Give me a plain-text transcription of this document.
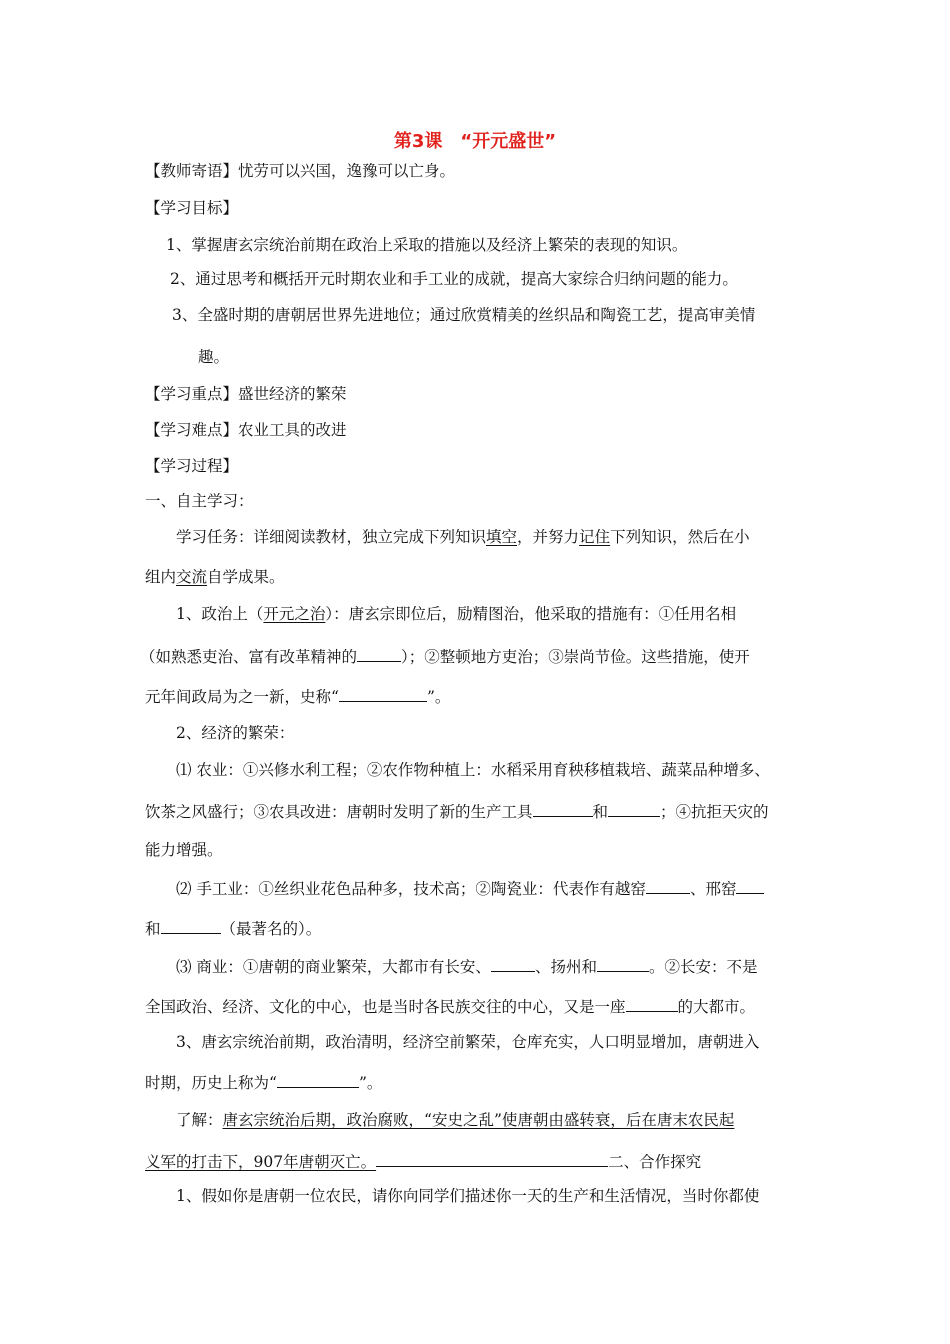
第3课　“开元盛世”
【教师寄语】忧劳可以兴国，逸豫可以亡身。
【学习目标】
1、掌握唐玄宗统治前期在政治上采取的措施以及经济上繁荣的表现的知识。
2、通过思考和概括开元时期农业和手工业的成就，提高大家综合归纳问题的能力。
3、全盛时期的唐朝居世界先进地位；通过欣赏精美的丝织品和陶瓷工艺，提高审美情
趣。
【学习重点】盛世经济的繁荣
【学习难点】农业工具的改进
【学习过程】
一、自主学习：
学习任务：详细阅读教材，独立完成下列知识填空，并努力记住下列知识，然后在小
组内交流自学成果。
1、政治上（开元之治）：唐玄宗即位后，励精图治，他采取的措施有：①任用名相
（如熟悉吏治、富有改革精神的	）；②整顿地方吏治；③崇尚节俭。这些措施，使开
元年间政局为之一新，史称“	”。
2、经济的繁荣：
⑴ 农业：①兴修水利工程；②农作物种植上：水稻采用育秧移植栽培、蔬菜品种增多、
饮茶之风盛行；③农具改进：唐朝时发明了新的生产工具	和	；④抗拒天灾的
能力增强。
⑵ 手工业：①丝织业花色品种多，技术高；②陶瓷业：代表作有越窑	、邢窑
和	（最著名的）。
⑶ 商业：①唐朝的商业繁荣，大都市有长安、	、扬州和	。②长安：不是
全国政治、经济、文化的中心，也是当时各民族交往的中心，又是一座	的大都市。
3、唐玄宗统治前期，政治清明，经济空前繁荣，仓库充实，人口明显增加，唐朝进入
时期，历史上称为“	”。
了解：唐玄宗统治后期，政治腐败，“安史之乱”使唐朝由盛转衰，后在唐末农民起
义军的打击下，907年唐朝灭亡。	二、合作探究
1、假如你是唐朝一位农民，请你向同学们描述你一天的生产和生活情况，当时你都使
